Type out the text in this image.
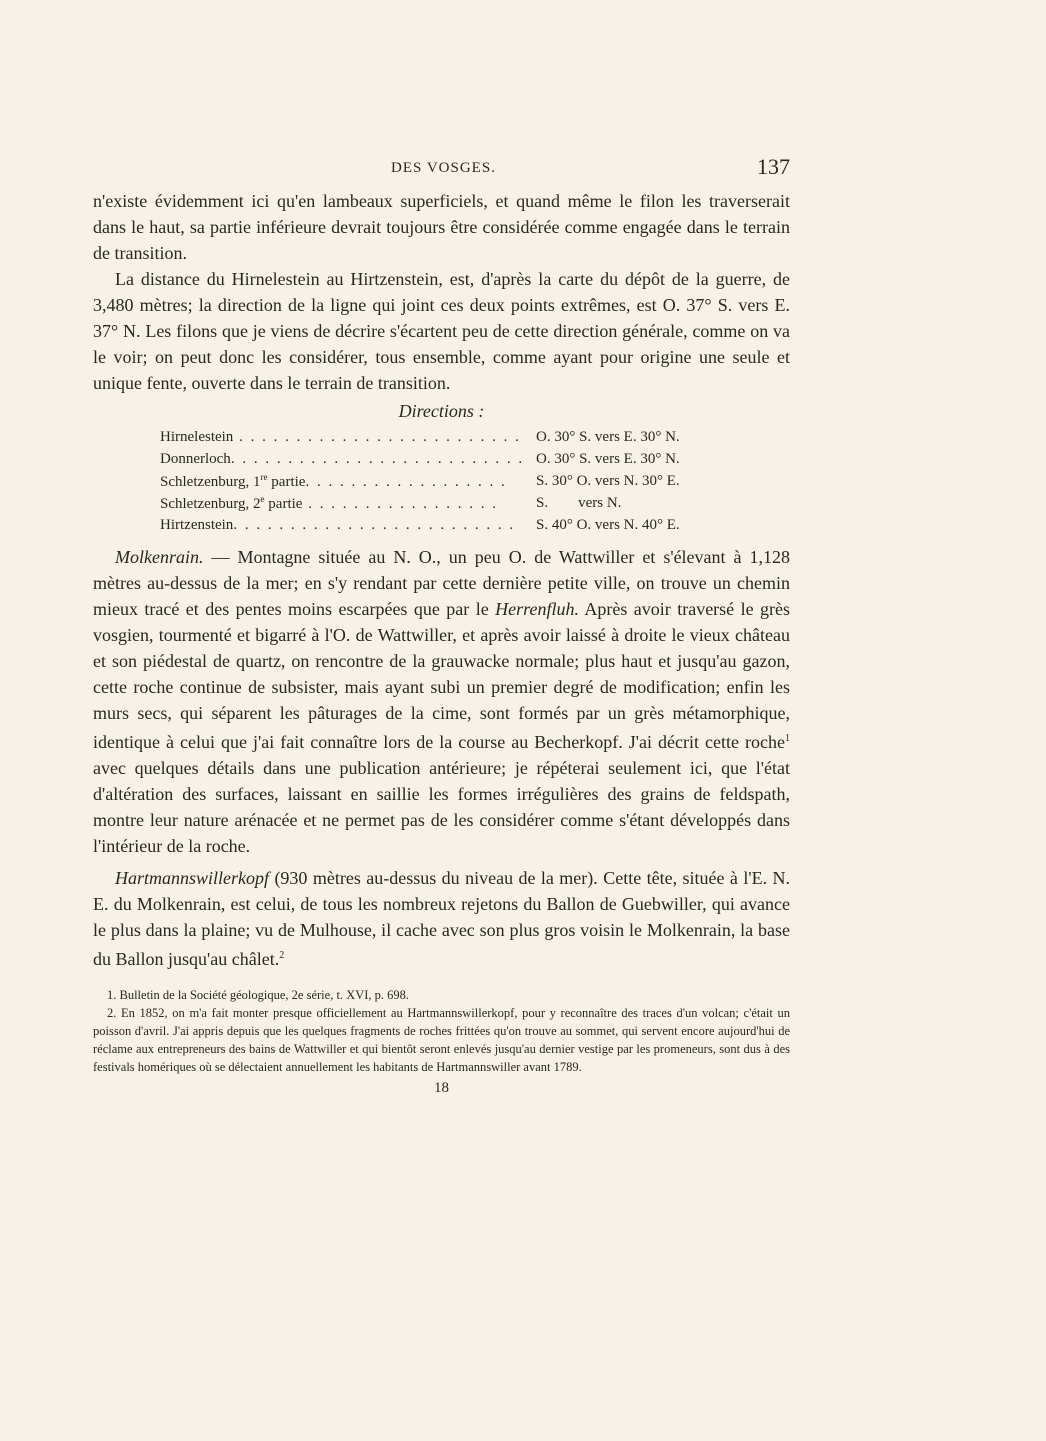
DES VOSGES.	137

n'existe évidemment ici qu'en lambeaux superficiels, et quand même le filon les traverserait dans le haut, sa partie inférieure devrait toujours être considérée comme engagée dans le terrain de transition.

La distance du Hirnelestein au Hirtzenstein, est, d'après la carte du dépôt de la guerre, de 3,480 mètres; la direction de la ligne qui joint ces deux points extrêmes, est O. 37° S. vers E. 37° N. Les filons que je viens de décrire s'écartent peu de cette direction générale, comme on va le voir; on peut donc les considérer, tous ensemble, comme ayant pour origine une seule et unique fente, ouverte dans le terrain de transition.

Directions :
Hirnelestein . . . . . . . . . . . . . . . . . . . . . . . . .	O. 30° S. vers E. 30° N.
Donnerloch. . . . . . . . . . . . . . . . . . . . . . . . . .	O. 30° S. vers E. 30° N.
Schletzenburg, 1re partie. . . . . . . . . . . . . . . . . .	S. 30° O. vers N. 30° E.
Schletzenburg, 2e partie . . . . . . . . . . . . . . . . .	S.        vers N.
Hirtzenstein. . . . . . . . . . . . . . . . . . . . . . . . .	S. 40° O. vers N. 40° E.

Molkenrain. — Montagne située au N. O., un peu O. de Wattwiller et s'élevant à 1,128 mètres au-dessus de la mer; en s'y rendant par cette dernière petite ville, on trouve un chemin mieux tracé et des pentes moins escarpées que par le Herrenfluh. Après avoir traversé le grès vosgien, tourmenté et bigarré à l'O. de Wattwiller, et après avoir laissé à droite le vieux château et son piédestal de quartz, on rencontre de la grauwacke normale; plus haut et jusqu'au gazon, cette roche continue de subsister, mais ayant subi un premier degré de modification; enfin les murs secs, qui séparent les pâturages de la cime, sont formés par un grès métamorphique, identique à celui que j'ai fait connaître lors de la course au Becherkopf. J'ai décrit cette roche$^1$ avec quelques détails dans une publication antérieure; je répéterai seulement ici, que l'état d'altération des surfaces, laissant en saillie les formes irrégulières des grains de feldspath, montre leur nature arénacée et ne permet pas de les considérer comme s'étant développés dans l'intérieur de la roche.

Hartmannswillerkopf (930 mètres au-dessus du niveau de la mer). Cette tête, située à l'E. N. E. du Molkenrain, est celui, de tous les nombreux rejetons du Ballon de Guebwiller, qui avance le plus dans la plaine; vu de Mulhouse, il cache avec son plus gros voisin le Molkenrain, la base du Ballon jusqu'au châlet.$^2$

1. Bulletin de la Société géologique, 2e série, t. XVI, p. 698.

2. En 1852, on m'a fait monter presque officiellement au Hartmannswillerkopf, pour y reconnaître des traces d'un volcan; c'était un poisson d'avril. J'ai appris depuis que les quelques fragments de roches frittées qu'on trouve au sommet, qui servent encore aujourd'hui de réclame aux entrepreneurs des bains de Wattwiller et qui bientôt seront enlevés jusqu'au dernier vestige par les promeneurs, sont dus à des festivals homériques où se délectaient annuellement les habitants de Hartmannswiller avant 1789.

18
